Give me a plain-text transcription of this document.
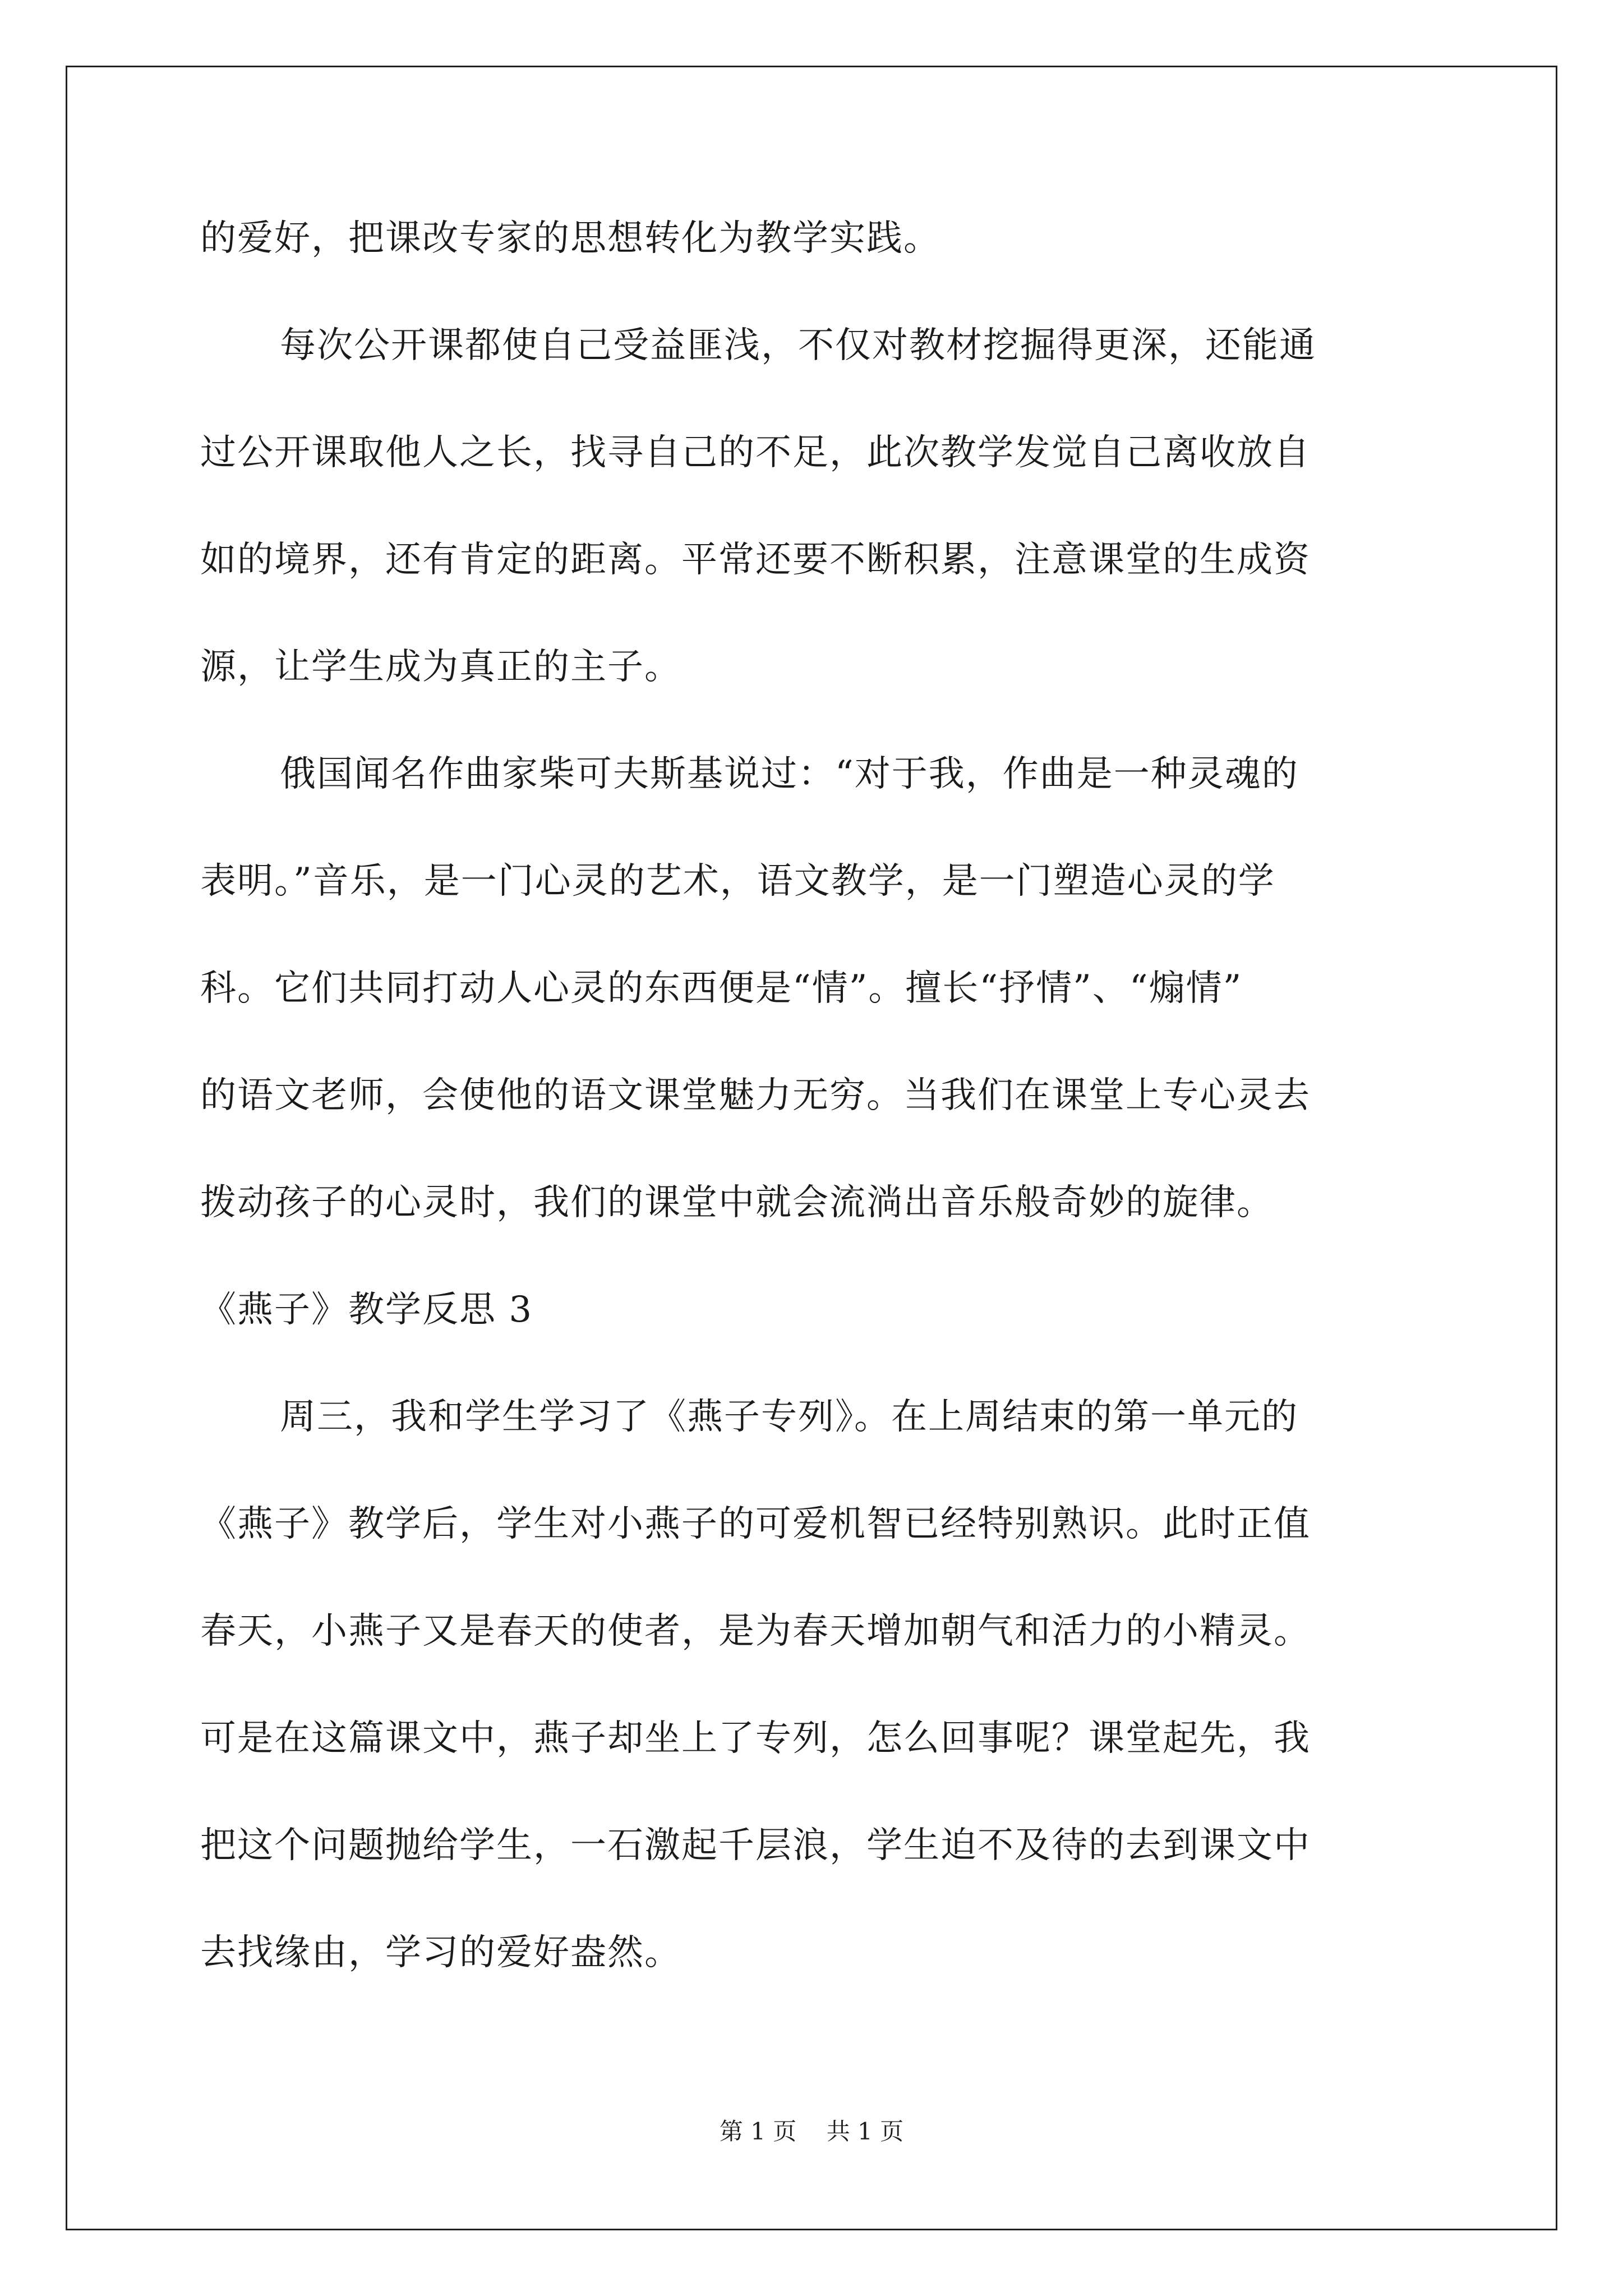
的爱好，把课改专家的思想转化为教学实践。
每次公开课都使自己受益匪浅，不仅对教材挖掘得更深，还能通
过公开课取他人之长，找寻自己的不足，此次教学发觉自己离收放自
如的境界，还有肯定的距离。平常还要不断积累，注意课堂的生成资
源，让学生成为真正的主子。
俄国闻名作曲家柴可夫斯基说过：“对于我，作曲是一种灵魂的
表明。”音乐，是一门心灵的艺术，语文教学，是一门塑造心灵的学
科。它们共同打动人心灵的东西便是“情”。擅长“抒情”、“煽情”
的语文老师，会使他的语文课堂魅力无穷。当我们在课堂上专心灵去
拨动孩子的心灵时，我们的课堂中就会流淌出音乐般奇妙的旋律。
《燕子》教学反思 3
周三，我和学生学习了《燕子专列》。在上周结束的第一单元的
《燕子》教学后，学生对小燕子的可爱机智已经特别熟识。此时正值
春天，小燕子又是春天的使者，是为春天增加朝气和活力的小精灵。
可是在这篇课文中，燕子却坐上了专列，怎么回事呢？课堂起先，我
把这个问题抛给学生，一石激起千层浪，学生迫不及待的去到课文中
去找缘由，学习的爱好盎然。
第 1 页    共 1 页
